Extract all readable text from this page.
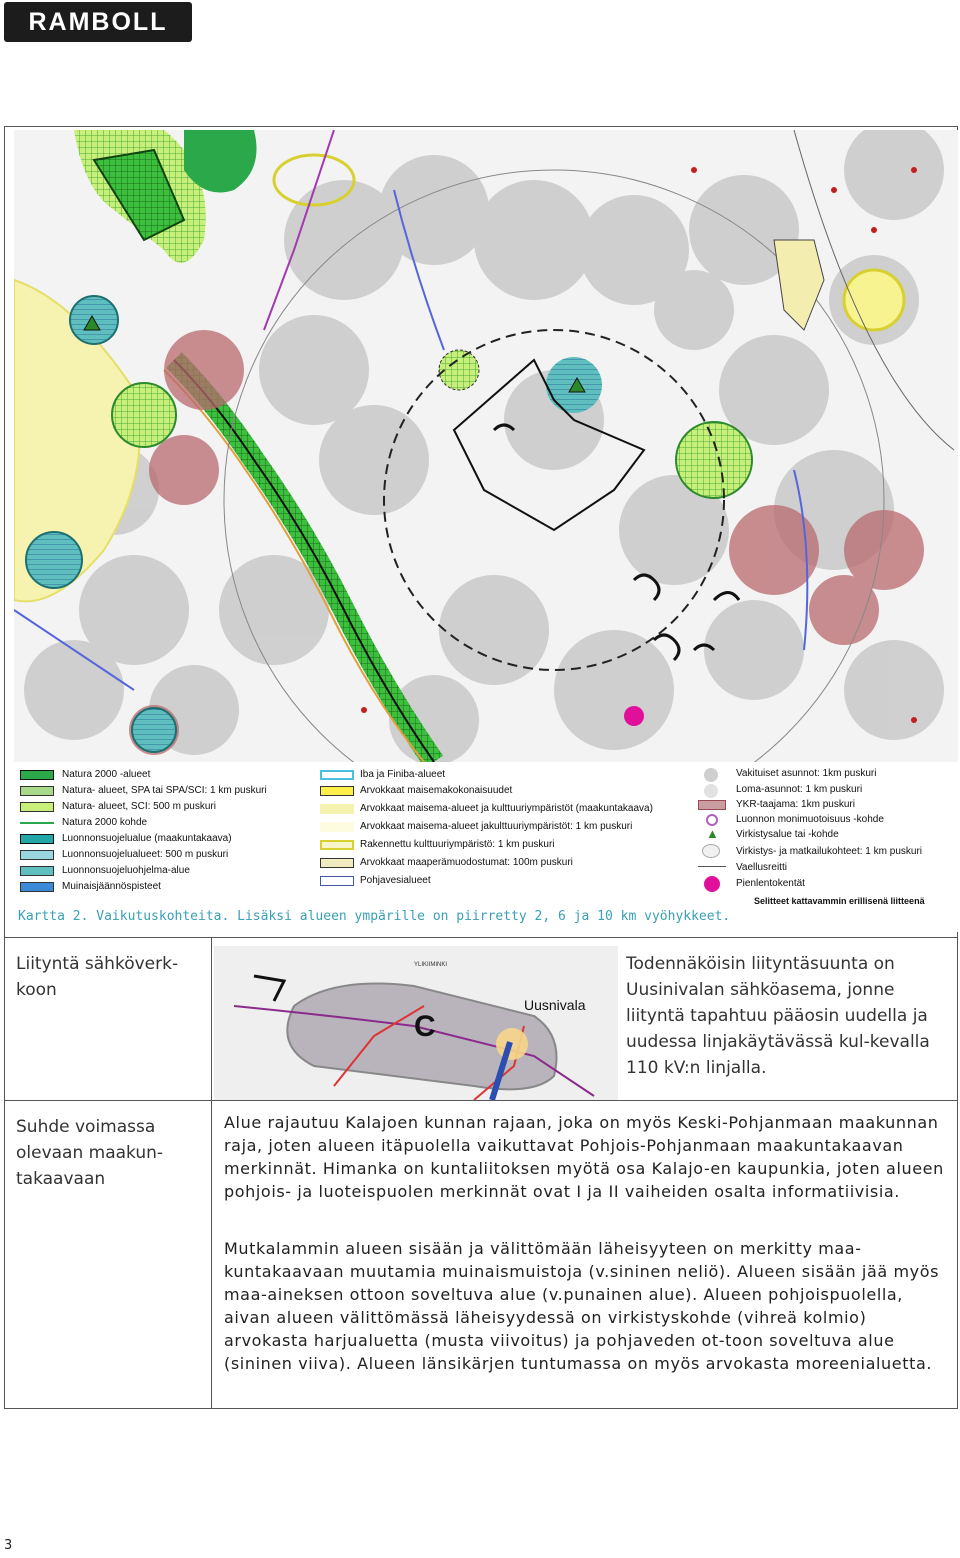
RAMBOLL
Natura 2000 -alueet
Natura- alueet, SPA tai SPA/SCI: 1 km puskuri
Natura- alueet, SCI: 500 m puskuri
Natura 2000 kohde
Luonnonsuojelualue (maakuntakaava)
Luonnonsuojelualueet: 500 m puskuri
Luonnonsuojeluohjelma-alue
Muinaisjäännöspisteet
Iba ja Finiba-alueet
Arvokkaat maisemakokonaisuudet
Arvokkaat maisema-alueet ja kulttuuriympäristöt (maakuntakaava)
Arvokkaat maisema-alueet jakulttuuriympäristöt: 1 km puskuri
Rakennettu kulttuuriympäristö: 1 km puskuri
Arvokkaat maaperämuodostumat: 100m puskuri
Pohjavesialueet
Vakituiset asunnot: 1km puskuri
Loma-asunnot: 1 km puskuri
YKR-taajama: 1km puskuri
Luonnon monimuotoisuus -kohde
▲ Virkistysalue tai -kohde
Virkistys- ja matkailukohteet: 1 km puskuri
Vaellusreitti
Pienlentokentät
Selitteet kattavammin erillisenä liitteenä
Kartta 2. Vaikutuskohteita. Lisäksi alueen ympärille on piirretty 2, 6 ja 10 km vyöhykkeet.
Liityntä sähköverk-
koon
YLIKIIMINKI
Uusnivala
C
Todennäköisin liityntäsuunta on Uusinivalan sähköasema, jonne liityntä tapahtuu pääosin uudella ja uudessa linjakäytävässä kul-kevalla 110 kV:n linjalla.
Suhde voimassa olevaan maakun-takaavaan
Alue rajautuu Kalajoen kunnan rajaan, joka on myös Keski-Pohjanmaan maakunnan raja, joten alueen itäpuolella vaikuttavat Pohjois-Pohjanmaan maakuntakaavan merkinnät. Himanka on kuntaliitoksen myötä osa Kalajo-en kaupunkia, joten alueen pohjois- ja luoteispuolen merkinnät ovat I ja II vaiheiden osalta informatiivisia.
Mutkalammin alueen sisään ja välittömään läheisyyteen on merkitty maa-kuntakaavaan muutamia muinaismuistoja (v.sininen neliö). Alueen sisään jää myös maa-aineksen ottoon soveltuva alue (v.punainen alue). Alueen pohjoispuolella, aivan alueen välittömässä läheisyydessä on virkistyskohde (vihreä kolmio) arvokasta harjualuetta (musta viivoitus) ja pohjaveden ot-toon soveltuva alue (sininen viiva). Alueen länsikärjen tuntumassa on myös arvokasta moreenialuetta.
3
